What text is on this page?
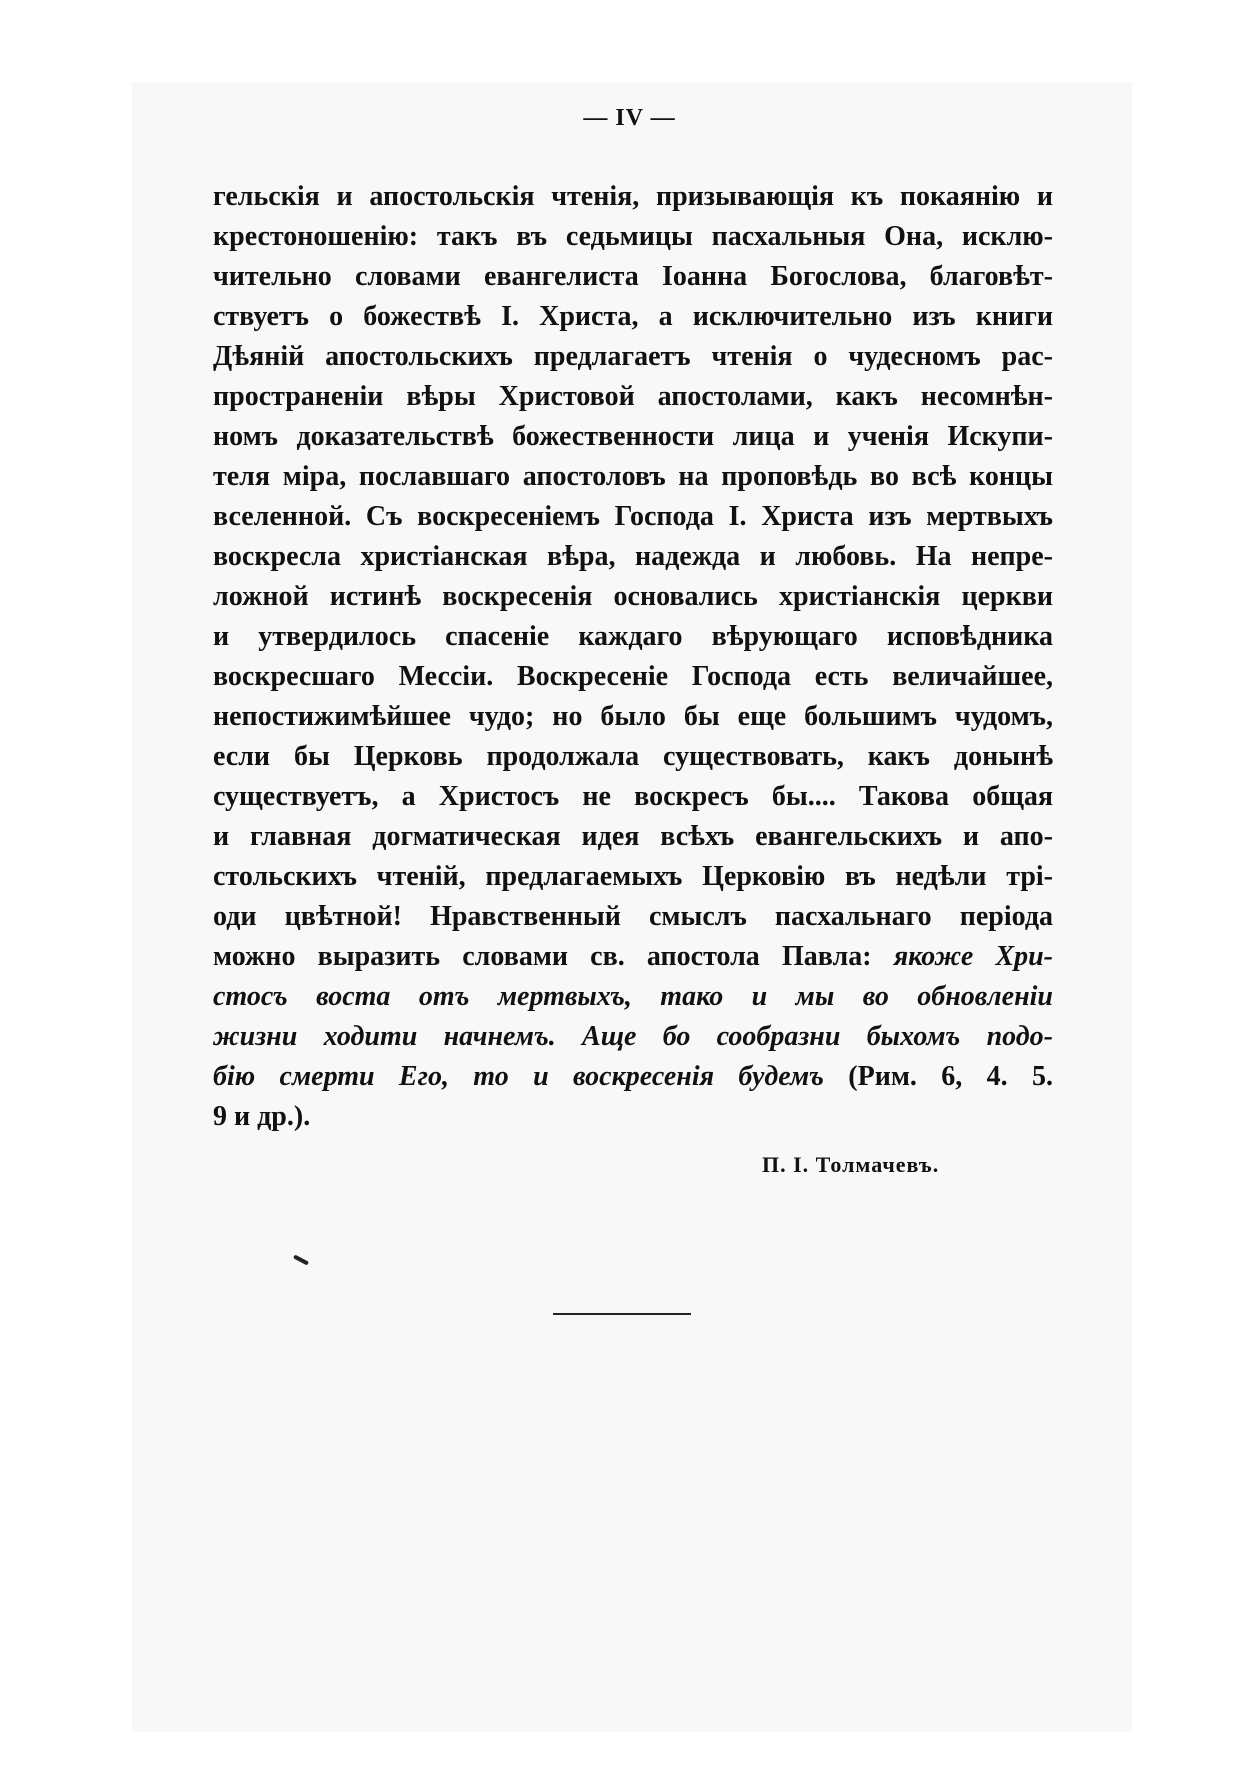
— IV —
гельскія и апостольскія чтенія, призывающія къ покаянію и
крестоношенію: такъ въ седьмицы пасхальныя Она, исклю-
чительно словами евангелиста Іоанна Богослова, благовѣт-
ствуетъ о божествѣ І. Христа, а исключительно изъ книги
Дѣяній апостольскихъ предлагаетъ чтенія о чудесномъ рас-
пространеніи вѣры Христовой апостолами, какъ несомнѣн-
номъ доказательствѣ божественности лица и ученія Искупи-
теля міра, пославшаго апостоловъ на проповѣдь во всѣ концы
вселенной. Съ воскресеніемъ Господа І. Христа изъ мертвыхъ
воскресла христіанская вѣра, надежда и любовь. На непре-
ложной истинѣ воскресенія основались христіанскія церкви
и утвердилось спасеніе каждаго вѣрующаго исповѣдника
воскресшаго Мессіи. Воскресеніе Господа есть величайшее,
непостижимѣйшее чудо; но было бы еще большимъ чудомъ,
если бы Церковь продолжала существовать, какъ донынѣ
существуетъ, а Христосъ не воскресъ бы.... Такова общая
и главная догматическая идея всѣхъ евангельскихъ и апо-
стольскихъ чтеній, предлагаемыхъ Церковію въ недѣли трі-
оди цвѣтной! Нравственный смыслъ пасхальнаго періода
можно выразить словами св. апостола Павла: якоже Хри-
стосъ воста отъ мертвыхъ, тако и мы во обновленіи
жизни ходити начнемъ. Аще бо сообразни быхомъ подо-
бію смерти Его, то и воскресенія будемъ (Рим. 6, 4. 5.
9 и др.).
П. І. Толмачевъ.
